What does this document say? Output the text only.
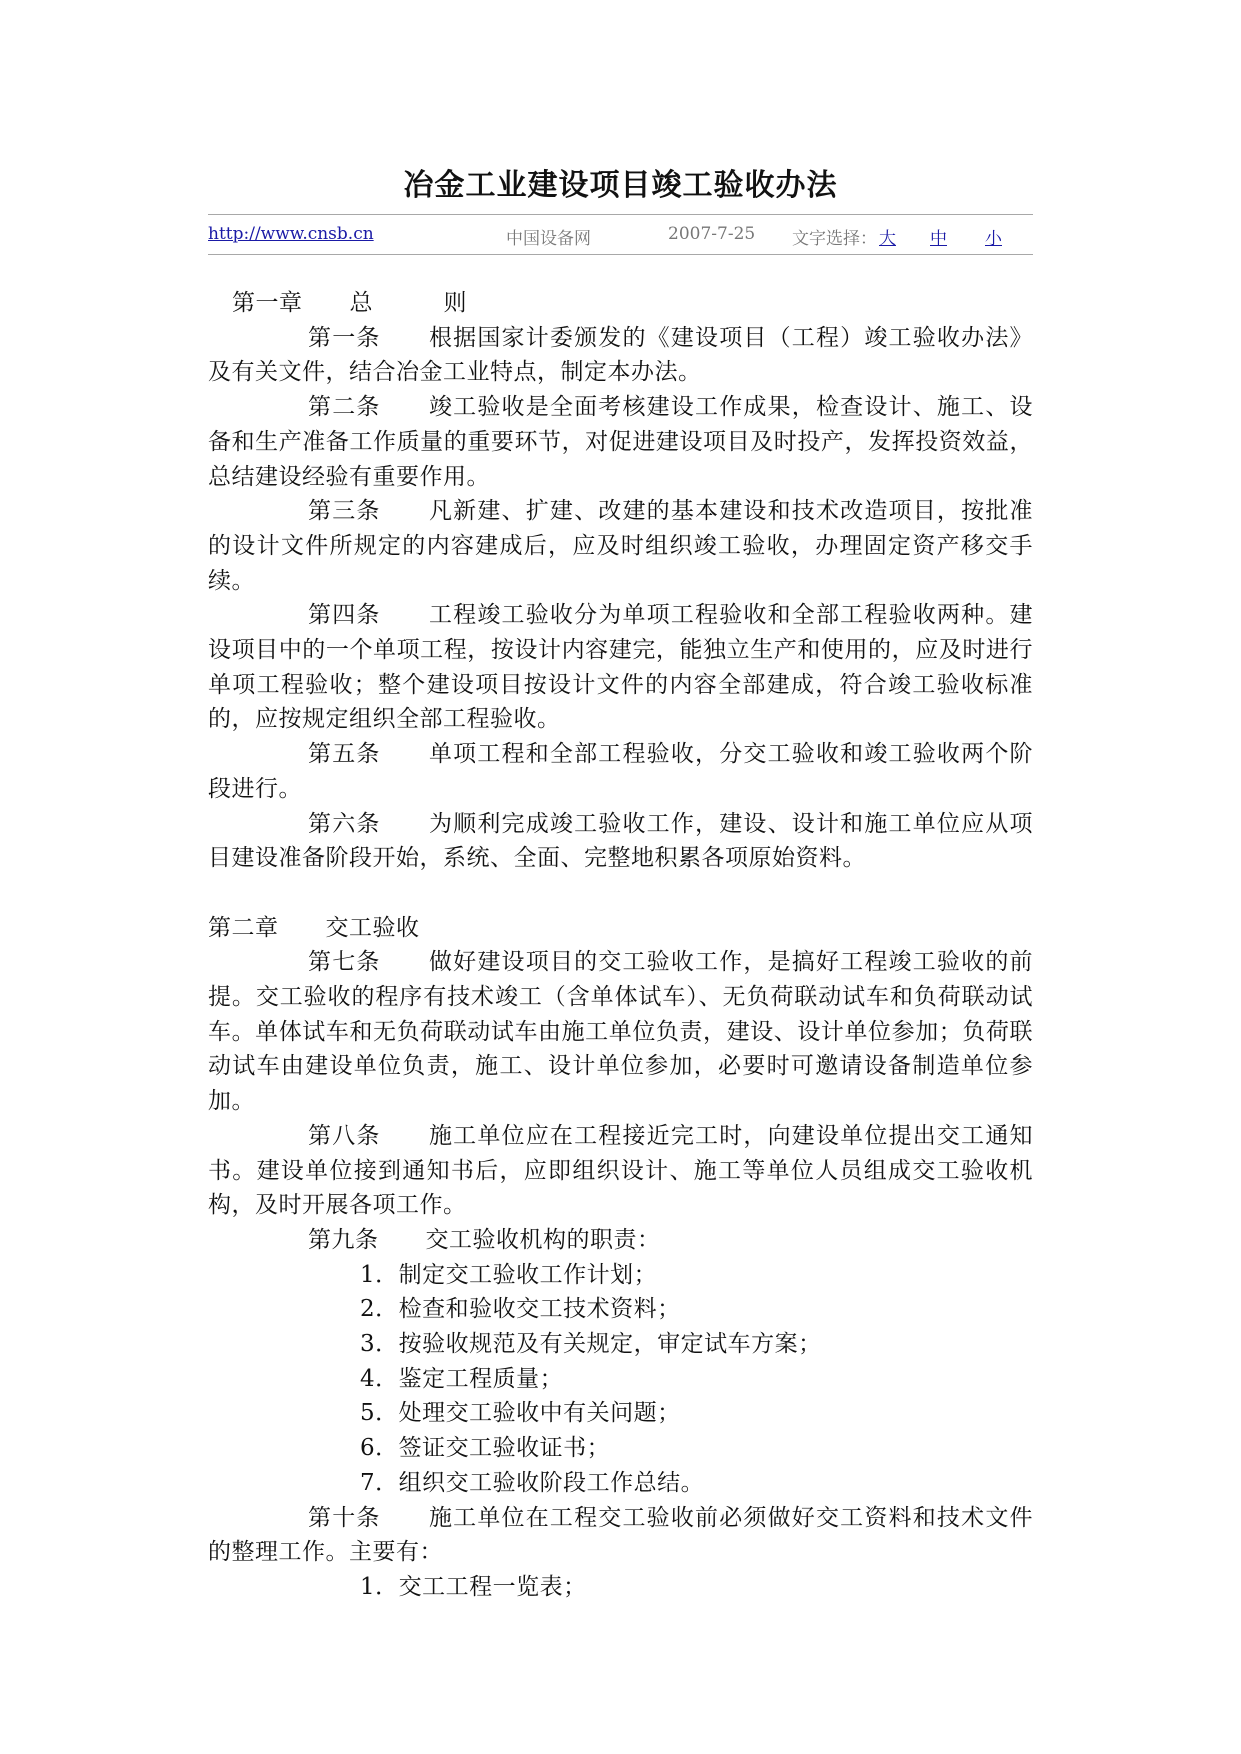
冶金工业建设项目竣工验收办法
http://www.cnsb.cn	中国设备网	2007-7-25 文字选择： 大 中 小

第一章　　总　　　则

第一条　　根据国家计委颁发的《建设项目（工程）竣工验收办法》及有关文件，结合冶金工业特点，制定本办法。

第二条　　竣工验收是全面考核建设工作成果，检查设计、施工、设备和生产准备工作质量的重要环节，对促进建设项目及时投产，发挥投资效益，总结建设经验有重要作用。

第三条　　凡新建、扩建、改建的基本建设和技术改造项目，按批准的设计文件所规定的内容建成后，应及时组织竣工验收，办理固定资产移交手续。

第四条　　工程竣工验收分为单项工程验收和全部工程验收两种。建设项目中的一个单项工程，按设计内容建完，能独立生产和使用的，应及时进行单项工程验收；整个建设项目按设计文件的内容全部建成，符合竣工验收标准的，应按规定组织全部工程验收。

第五条　　单项工程和全部工程验收，分交工验收和竣工验收两个阶段进行。

第六条　　为顺利完成竣工验收工作，建设、设计和施工单位应从项目建设准备阶段开始，系统、全面、完整地积累各项原始资料。

第二章　　交工验收

第七条　　做好建设项目的交工验收工作，是搞好工程竣工验收的前提。交工验收的程序有技术竣工（含单体试车）、无负荷联动试车和负荷联动试车。单体试车和无负荷联动试车由施工单位负责，建设、设计单位参加；负荷联动试车由建设单位负责，施工、设计单位参加，必要时可邀请设备制造单位参加。

第八条　　施工单位应在工程接近完工时，向建设单位提出交工通知书。建设单位接到通知书后，应即组织设计、施工等单位人员组成交工验收机构，及时开展各项工作。

第九条　　交工验收机构的职责：

1．制定交工验收工作计划；

2．检查和验收交工技术资料；

3．按验收规范及有关规定，审定试车方案；

4．鉴定工程质量；

5．处理交工验收中有关问题；

6．签证交工验收证书；

7．组织交工验收阶段工作总结。

第十条　　施工单位在工程交工验收前必须做好交工资料和技术文件的整理工作。主要有：

1．交工工程一览表；
